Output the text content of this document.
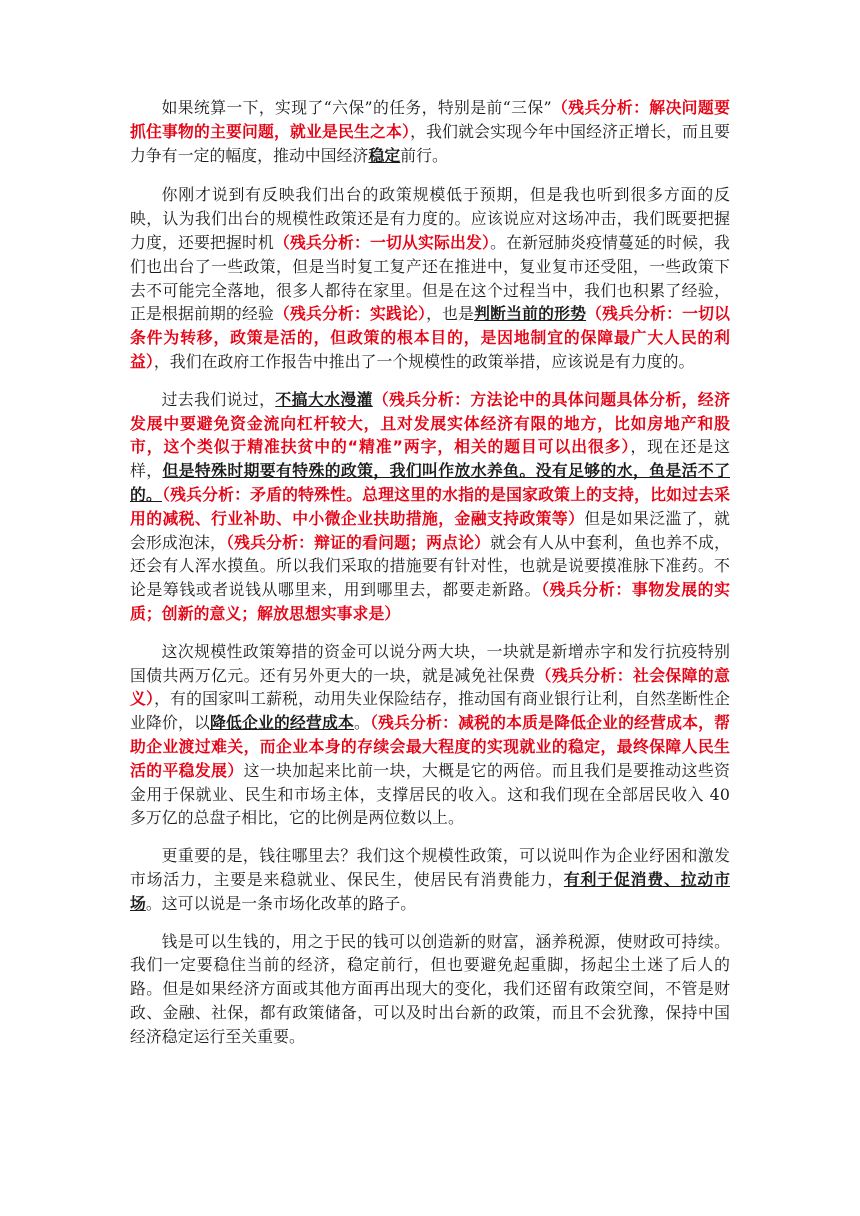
如果统算一下，实现了“六保”的任务，特别是前“三保”（残兵分析：解决问题要抓住事物的主要问题，就业是民生之本），我们就会实现今年中国经济正增长，而且要力争有一定的幅度，推动中国经济稳定前行。

你刚才说到有反映我们出台的政策规模低于预期，但是我也听到很多方面的反映，认为我们出台的规模性政策还是有力度的。应该说应对这场冲击，我们既要把握力度，还要把握时机（残兵分析：一切从实际出发）。在新冠肺炎疫情蔓延的时候，我们也出台了一些政策，但是当时复工复产还在推进中，复业复市还受阻，一些政策下去不可能完全落地，很多人都待在家里。但是在这个过程当中，我们也积累了经验，正是根据前期的经验（残兵分析：实践论），也是判断当前的形势（残兵分析：一切以条件为转移，政策是活的，但政策的根本目的，是因地制宜的保障最广大人民的利益），我们在政府工作报告中推出了一个规模性的政策举措，应该说是有力度的。

过去我们说过，不搞大水漫灌（残兵分析：方法论中的具体问题具体分析，经济发展中要避免资金流向杠杆较大，且对发展实体经济有限的地方，比如房地产和股市，这个类似于精准扶贫中的“精准”两字，相关的题目可以出很多），现在还是这样，但是特殊时期要有特殊的政策，我们叫作放水养鱼。没有足够的水，鱼是活不了的。（残兵分析：矛盾的特殊性。总理这里的水指的是国家政策上的支持，比如过去采用的减税、行业补助、中小微企业扶助措施，金融支持政策等）但是如果泛滥了，就会形成泡沫，（残兵分析：辩证的看问题；两点论）就会有人从中套利，鱼也养不成，还会有人浑水摸鱼。所以我们采取的措施要有针对性，也就是说要摸准脉下准药。不论是筹钱或者说钱从哪里来，用到哪里去，都要走新路。（残兵分析：事物发展的实质；创新的意义；解放思想实事求是）

这次规模性政策筹措的资金可以说分两大块，一块就是新增赤字和发行抗疫特别国债共两万亿元。还有另外更大的一块，就是减免社保费（残兵分析：社会保障的意义），有的国家叫工薪税，动用失业保险结存，推动国有商业银行让利，自然垄断性企业降价，以降低企业的经营成本。（残兵分析：减税的本质是降低企业的经营成本，帮助企业渡过难关，而企业本身的存续会最大程度的实现就业的稳定，最终保障人民生活的平稳发展）这一块加起来比前一块，大概是它的两倍。而且我们是要推动这些资金用于保就业、民生和市场主体，支撑居民的收入。这和我们现在全部居民收入 40 多万亿的总盘子相比，它的比例是两位数以上。

更重要的是，钱往哪里去？我们这个规模性政策，可以说叫作为企业纾困和激发市场活力，主要是来稳就业、保民生，使居民有消费能力，有利于促消费、拉动市场。这可以说是一条市场化改革的路子。

钱是可以生钱的，用之于民的钱可以创造新的财富，涵养税源，使财政可持续。我们一定要稳住当前的经济，稳定前行，但也要避免起重脚，扬起尘土迷了后人的路。但是如果经济方面或其他方面再出现大的变化，我们还留有政策空间，不管是财政、金融、社保，都有政策储备，可以及时出台新的政策，而且不会犹豫，保持中国经济稳定运行至关重要。
